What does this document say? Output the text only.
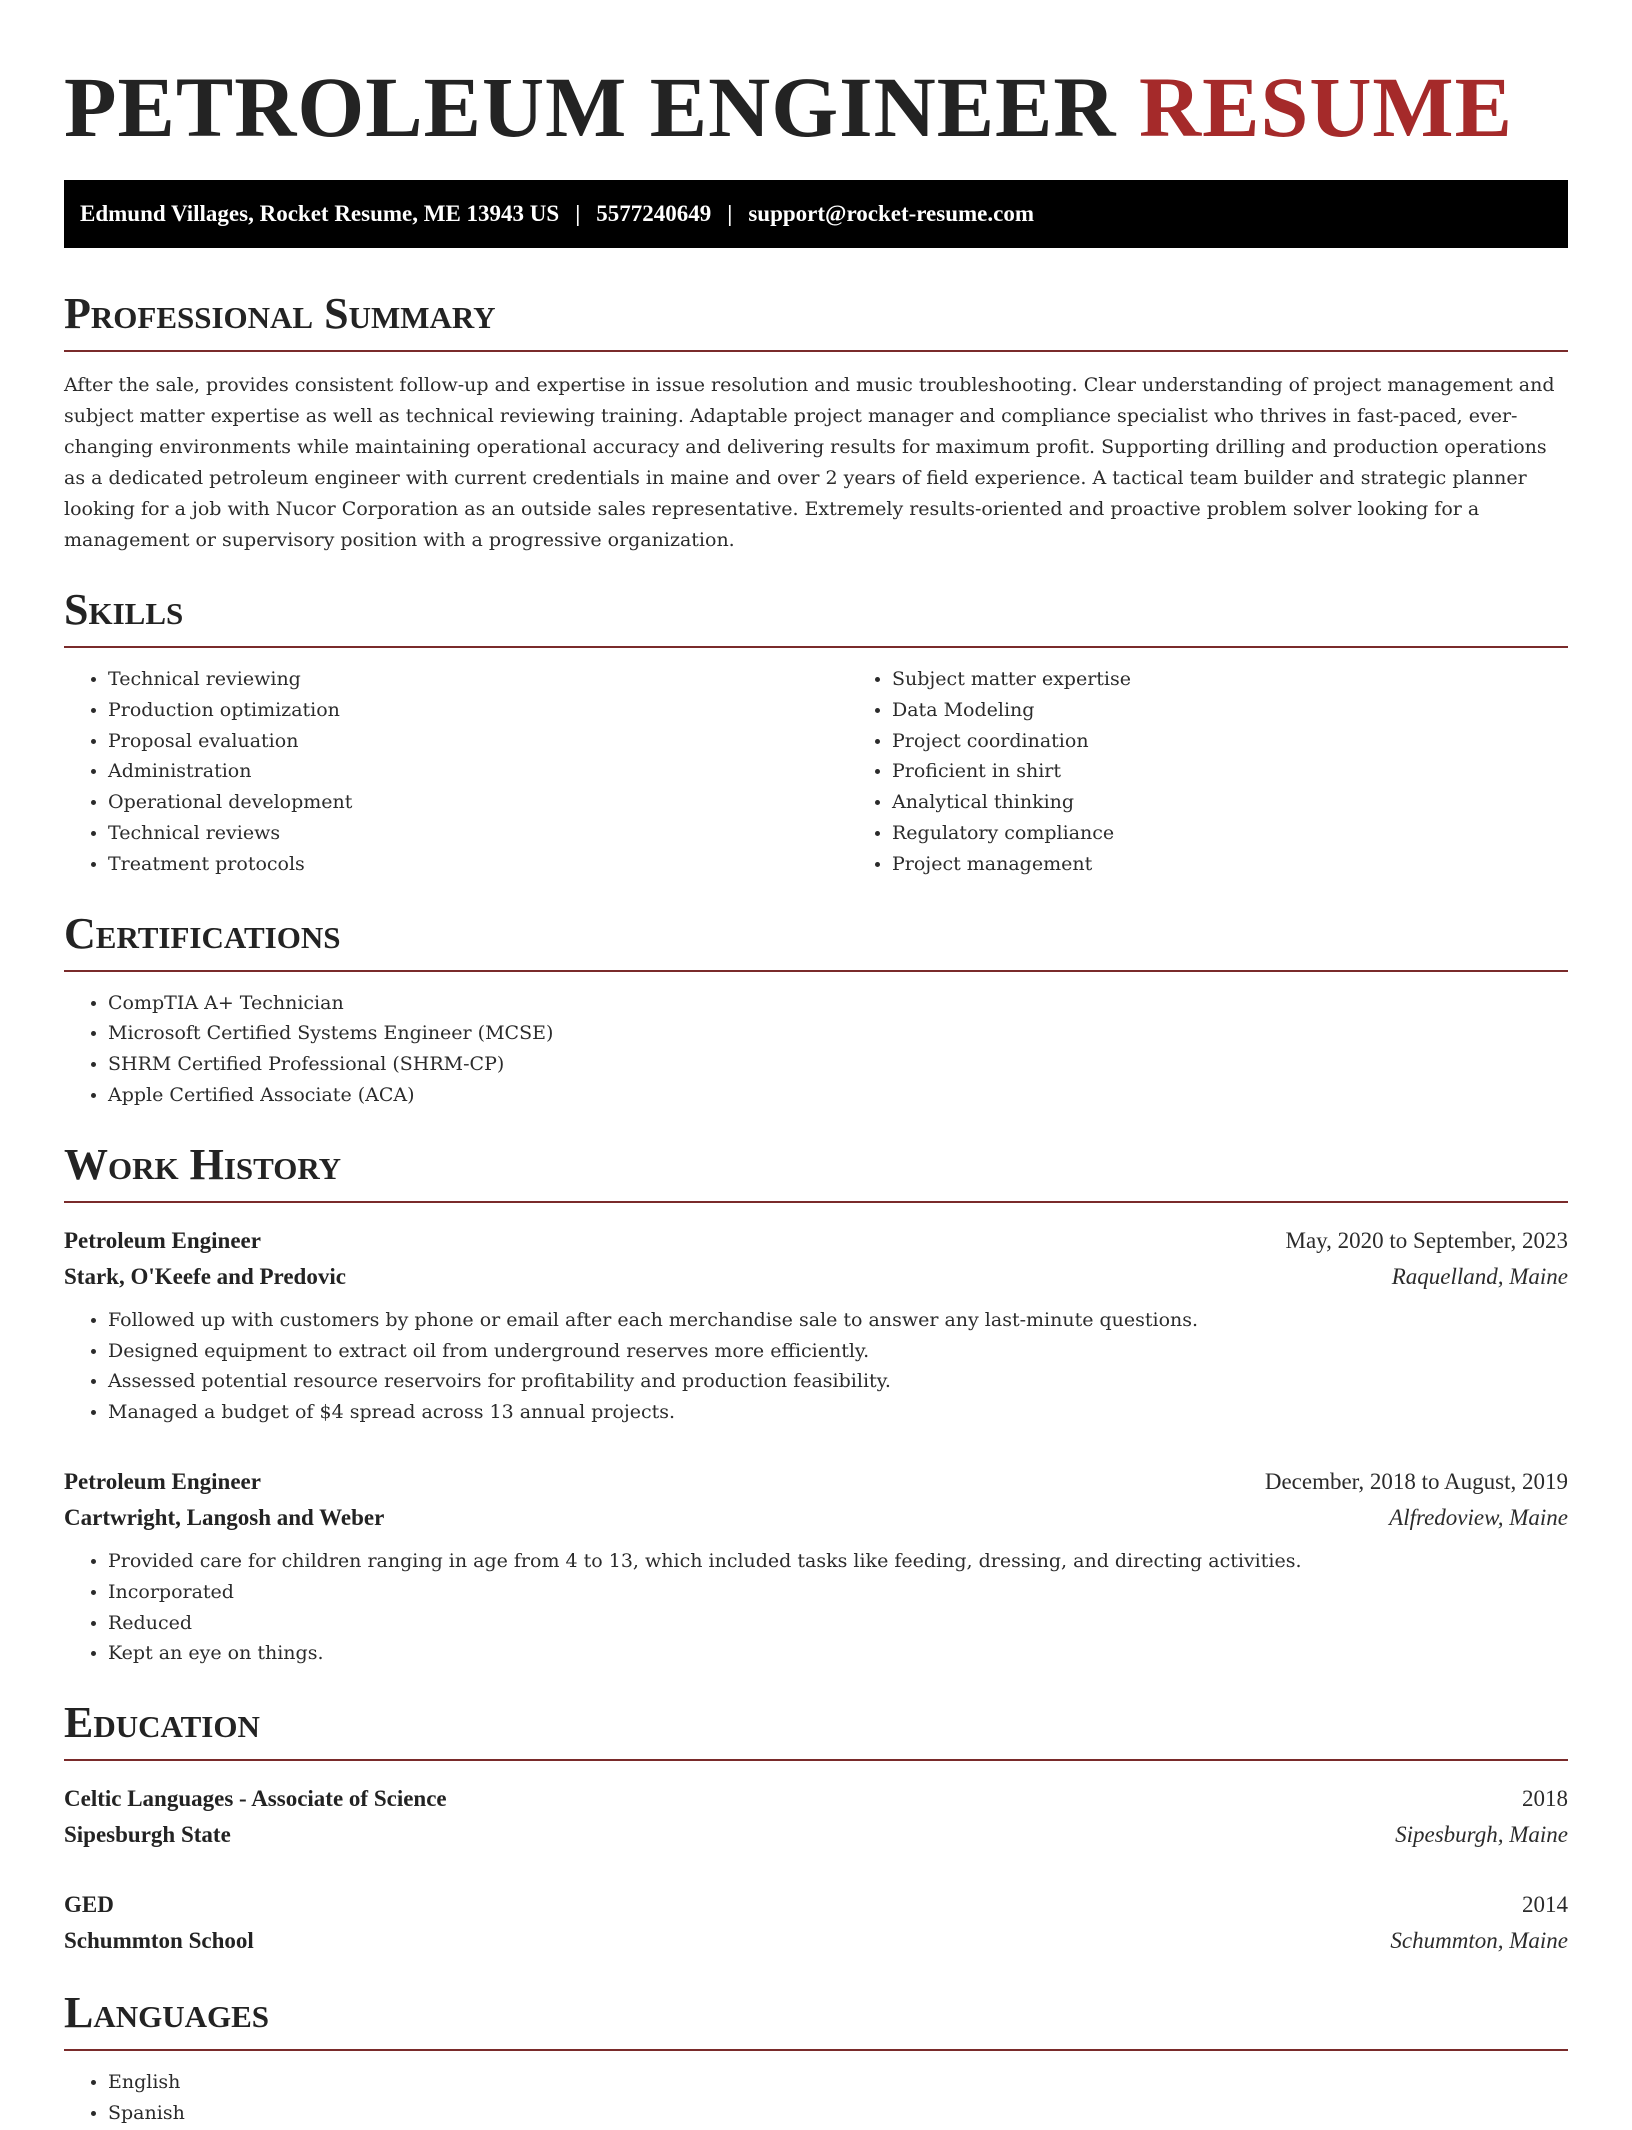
PETROLEUM ENGINEER RESUME
Edmund Villages, Rocket Resume, ME 13943 US | 5577240649 | support@rocket-resume.com
Professional Summary

After the sale, provides consistent follow-up and expertise in issue resolution and music troubleshooting. Clear understanding of project management and subject matter expertise as well as technical reviewing training. Adaptable project manager and compliance specialist who thrives in fast-paced, ever-changing environments while maintaining operational accuracy and delivering results for maximum profit. Supporting drilling and production operations as a dedicated petroleum engineer with current credentials in maine and over 2 years of field experience. A tactical team builder and strategic planner looking for a job with Nucor Corporation as an outside sales representative. Extremely results-oriented and proactive problem solver looking for a management or supervisory position with a progressive organization.

Skills
• Technical reviewing
• Production optimization
• Proposal evaluation
• Administration
• Operational development
• Technical reviews
• Treatment protocols
• Subject matter expertise
• Data Modeling
• Project coordination
• Proficient in shirt
• Analytical thinking
• Regulatory compliance
• Project management
Certifications
• CompTIA A+ Technician
• Microsoft Certified Systems Engineer (MCSE)
• SHRM Certified Professional (SHRM-CP)
• Apple Certified Associate (ACA)
Work History
Petroleum Engineer	May, 2020 to September, 2023
Stark, O'Keefe and Predovic	Raquelland, Maine
• Followed up with customers by phone or email after each merchandise sale to answer any last-minute questions.
• Designed equipment to extract oil from underground reserves more efficiently.
• Assessed potential resource reservoirs for profitability and production feasibility.
• Managed a budget of $4 spread across 13 annual projects.
Petroleum Engineer	December, 2018 to August, 2019
Cartwright, Langosh and Weber	Alfredoview, Maine
• Provided care for children ranging in age from 4 to 13, which included tasks like feeding, dressing, and directing activities.
• Incorporated
• Reduced
• Kept an eye on things.
Education
Celtic Languages - Associate of Science	2018
Sipesburgh State	Sipesburgh, Maine
GED	2014
Schummton School	Schummton, Maine
Languages
• English
• Spanish
